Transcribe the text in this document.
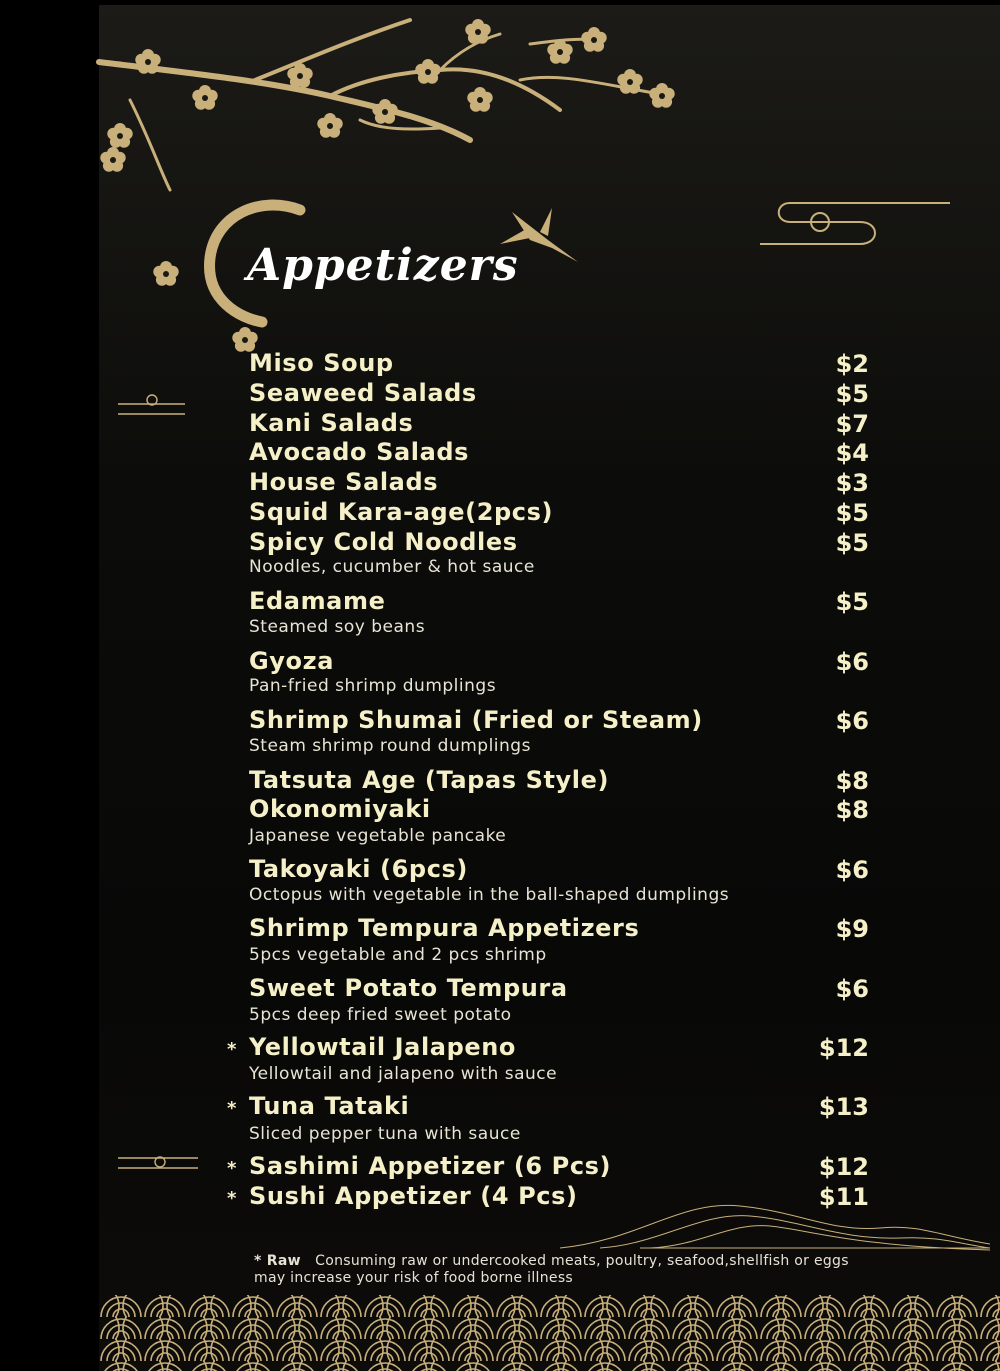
Appetizers
Miso Soup	$2
Seaweed Salads	$5
Kani Salads	$7
Avocado Salads	$4
House Salads	$3
Squid Kara-age(2pcs)	$5
Spicy Cold Noodles	$5
Noodles, cucumber & hot sauce
Edamame	$5
Steamed soy beans
Gyoza	$6
Pan-fried shrimp dumplings
Shrimp Shumai (Fried or Steam)	$6
Steam shrimp round dumplings
Tatsuta Age (Tapas Style)	$8
Okonomiyaki	$8
Japanese vegetable pancake
Takoyaki (6pcs)	$6
Octopus with vegetable in the ball-shaped dumplings
Shrimp Tempura Appetizers	$9
5pcs vegetable and 2 pcs shrimp
Sweet Potato Tempura	$6
5pcs deep fried sweet potato
* Yellowtail Jalapeno	$12
Yellowtail and jalapeno with sauce
* Tuna Tataki	$13
Sliced pepper tuna with sauce
* Sashimi Appetizer (6 Pcs)	$12
* Sushi Appetizer (4 Pcs)	$11
* Raw Consuming raw or undercooked meats, poultry, seafood,shellfish or eggs may increase your risk of food borne illness
